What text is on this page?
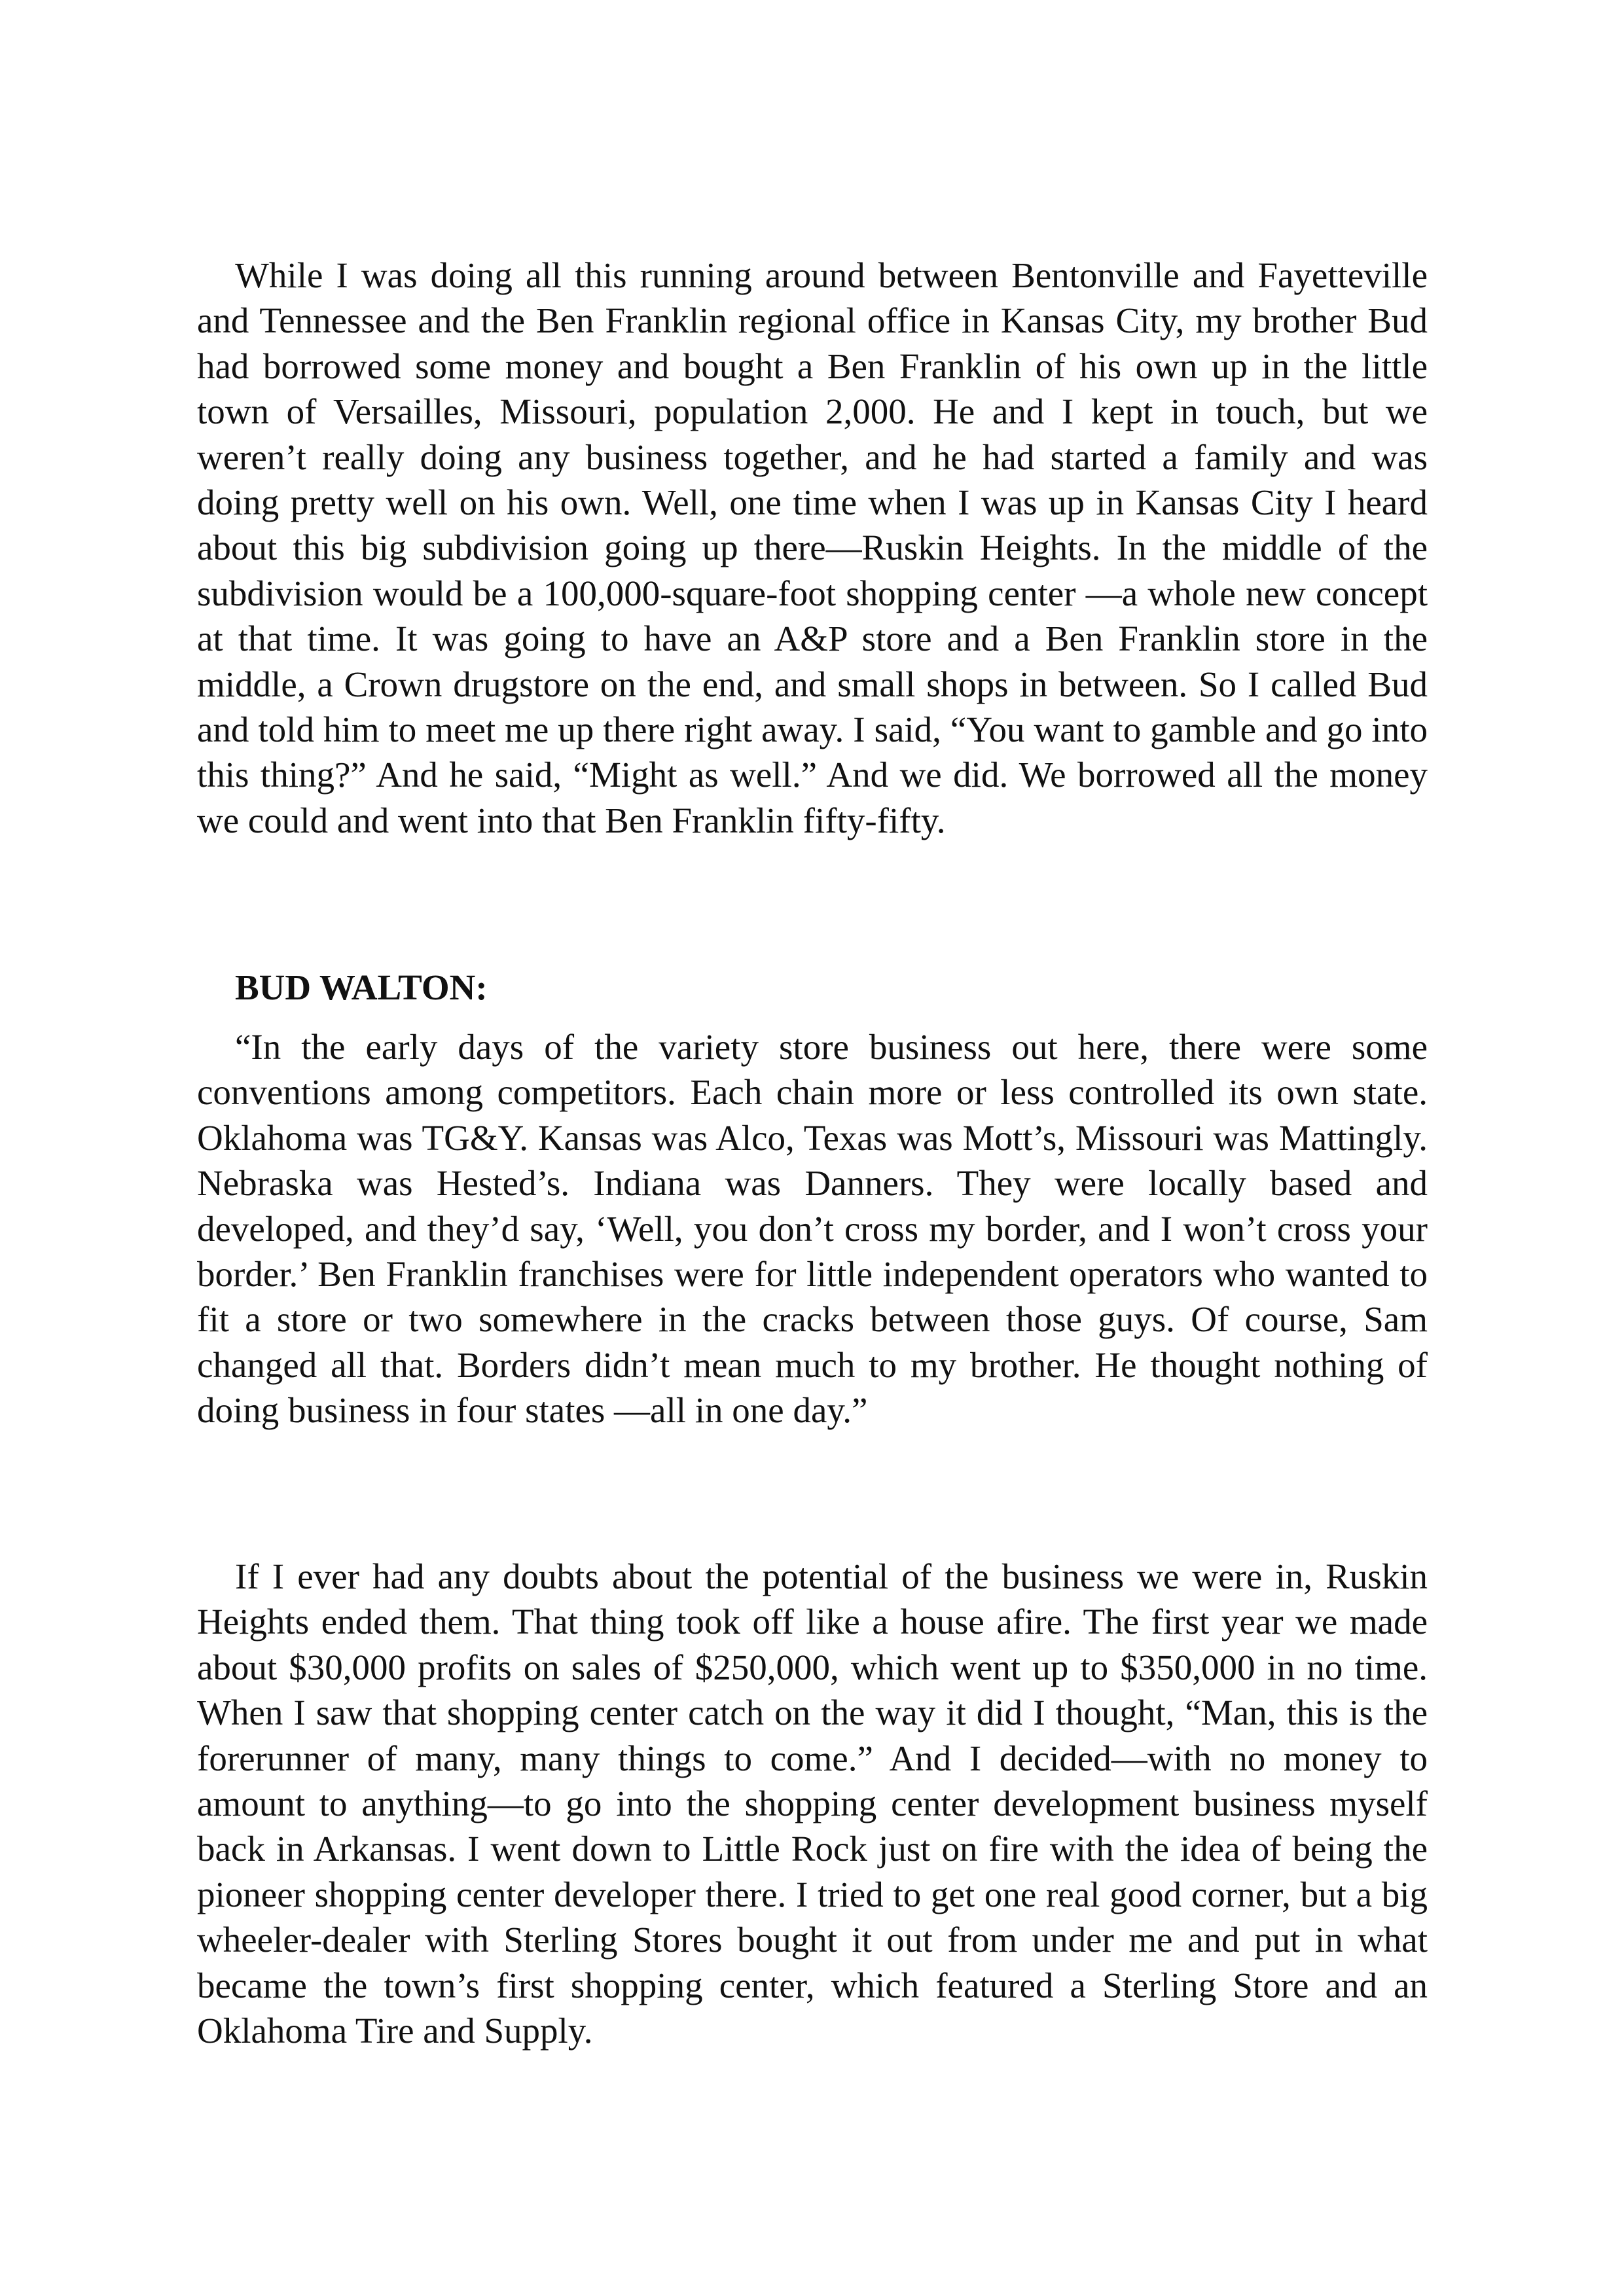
While I was doing all this running around between Bentonville and Fayetteville and Tennessee and the Ben Franklin regional office in Kansas City, my brother Bud had borrowed some money and bought a Ben Franklin of his own up in the little town of Versailles, Missouri, population 2,000. He and I kept in touch, but we weren’t really doing any business together, and he had started a family and was doing pretty well on his own. Well, one time when I was up in Kansas City I heard about this big subdivision going up there—Ruskin Heights. In the middle of the subdivision would be a 100,000-square-foot shopping center —a whole new concept at that time. It was going to have an A&P store and a Ben Franklin store in the middle, a Crown drugstore on the end, and small shops in between. So I called Bud and told him to meet me up there right away. I said, “You want to gamble and go into this thing?” And he said, “Might as well.” And we did. We borrowed all the money we could and went into that Ben Franklin fifty-fifty.

BUD WALTON:

“In the early days of the variety store business out here, there were some conventions among competitors. Each chain more or less controlled its own state. Oklahoma was TG&Y. Kansas was Alco, Texas was Mott’s, Missouri was Mattingly. Nebraska was Hested’s. Indiana was Danners. They were locally based and developed, and they’d say, ‘Well, you don’t cross my border, and I won’t cross your border.’ Ben Franklin franchises were for little independent operators who wanted to fit a store or two somewhere in the cracks between those guys. Of course, Sam changed all that. Borders didn’t mean much to my brother. He thought nothing of doing business in four states —all in one day.”

If I ever had any doubts about the potential of the business we were in, Ruskin Heights ended them. That thing took off like a house afire. The first year we made about $30,000 profits on sales of $250,000, which went up to $350,000 in no time. When I saw that shopping center catch on the way it did I thought, “Man, this is the forerunner of many, many things to come.” And I decided—with no money to amount to anything—to go into the shopping center development business myself back in Arkansas. I went down to Little Rock just on fire with the idea of being the pioneer shopping center developer there. I tried to get one real good corner, but a big wheeler-dealer with Sterling Stores bought it out from under me and put in what became the town’s first shopping center, which featured a Sterling Store and an Oklahoma Tire and Supply.
